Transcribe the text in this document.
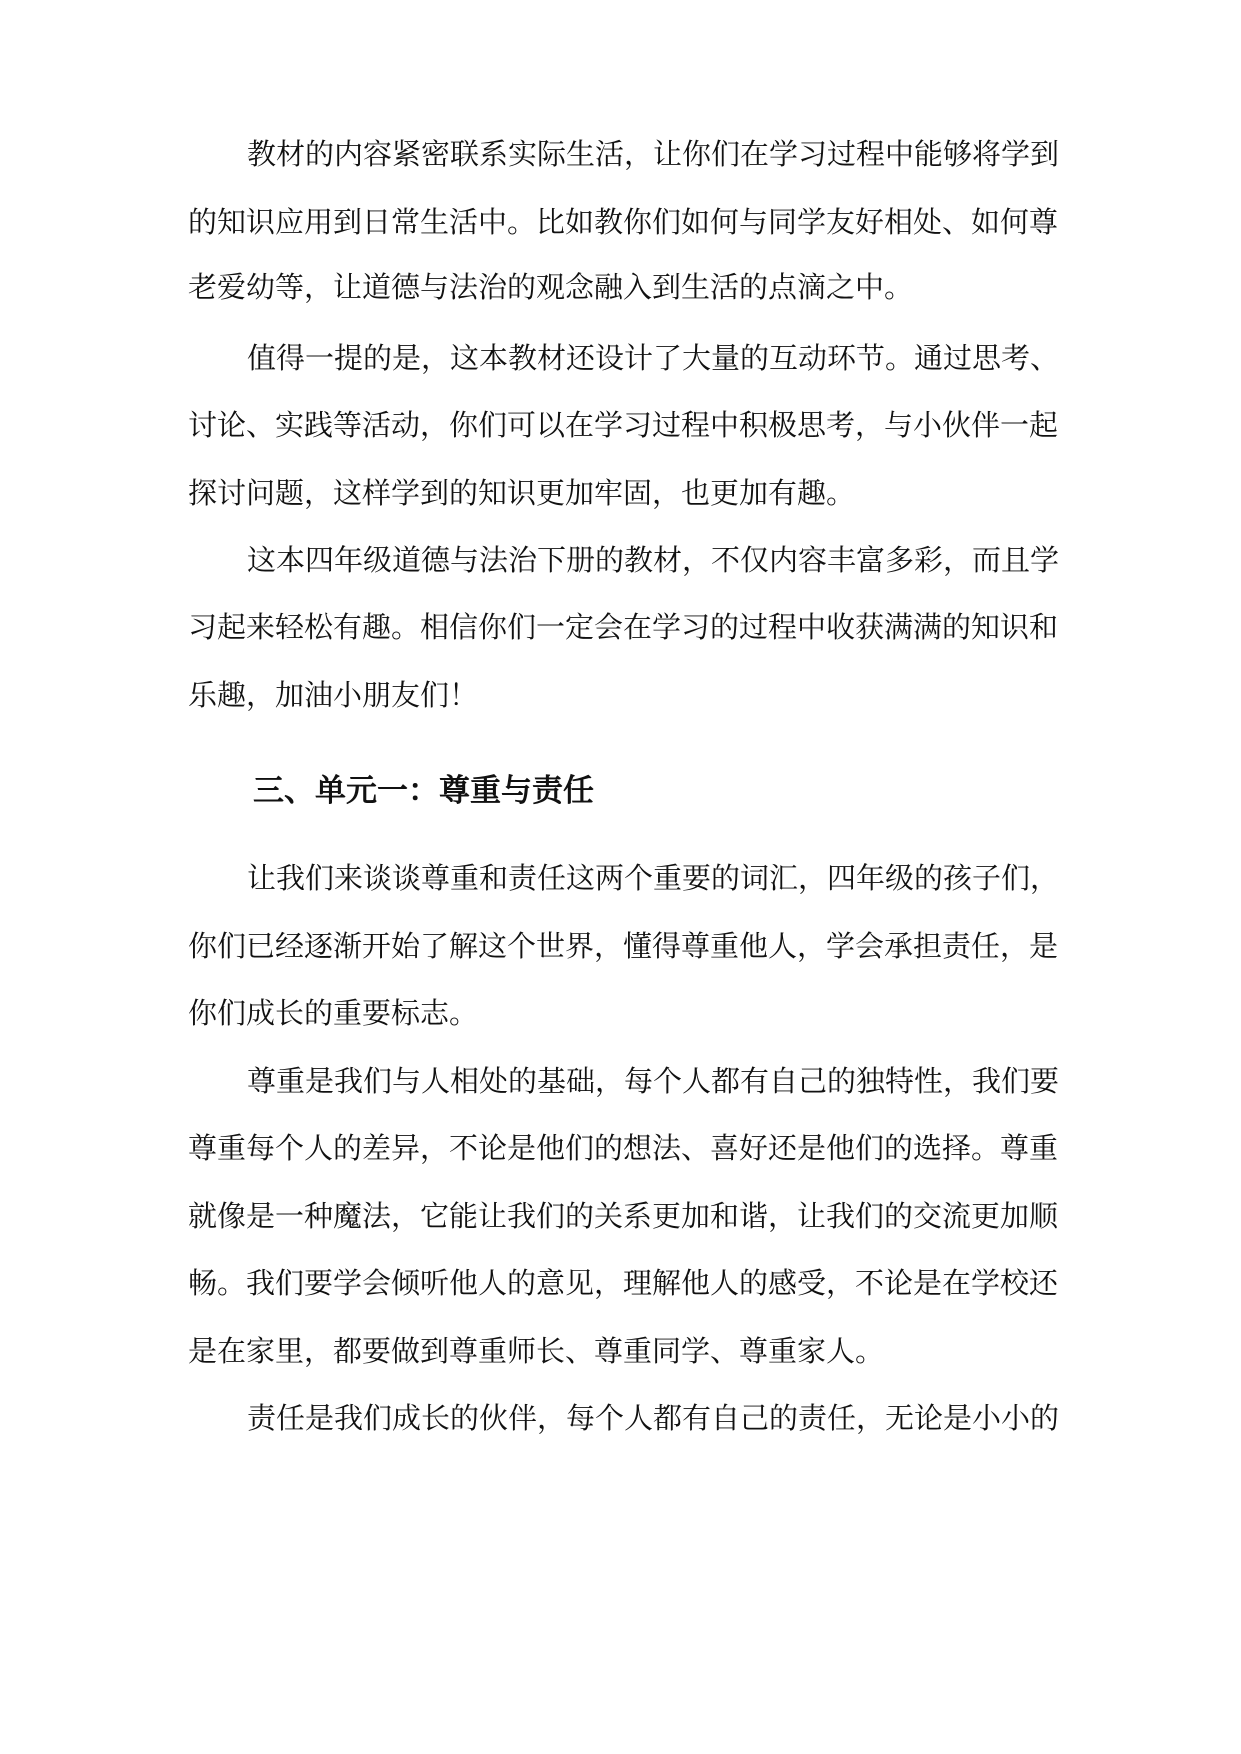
教材的内容紧密联系实际生活，让你们在学习过程中能够将学到
的知识应用到日常生活中。比如教你们如何与同学友好相处、如何尊
老爱幼等，让道德与法治的观念融入到生活的点滴之中。
值得一提的是，这本教材还设计了大量的互动环节。通过思考、
讨论、实践等活动，你们可以在学习过程中积极思考，与小伙伴一起
探讨问题，这样学到的知识更加牢固，也更加有趣。
这本四年级道德与法治下册的教材，不仅内容丰富多彩，而且学
习起来轻松有趣。相信你们一定会在学习的过程中收获满满的知识和
乐趣，加油小朋友们！
三、单元一：尊重与责任
让我们来谈谈尊重和责任这两个重要的词汇，四年级的孩子们，
你们已经逐渐开始了解这个世界，懂得尊重他人，学会承担责任，是
你们成长的重要标志。
尊重是我们与人相处的基础，每个人都有自己的独特性，我们要
尊重每个人的差异，不论是他们的想法、喜好还是他们的选择。尊重
就像是一种魔法，它能让我们的关系更加和谐，让我们的交流更加顺
畅。我们要学会倾听他人的意见，理解他人的感受，不论是在学校还
是在家里，都要做到尊重师长、尊重同学、尊重家人。
责任是我们成长的伙伴，每个人都有自己的责任，无论是小小的
